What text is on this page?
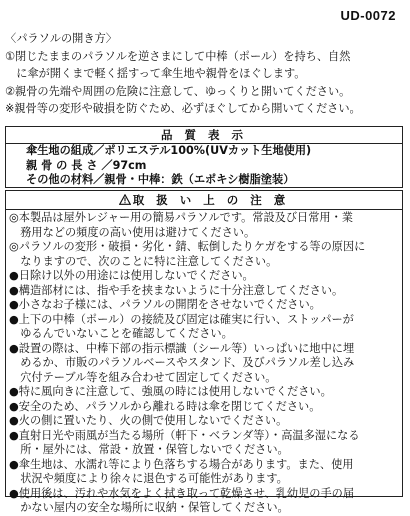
UD-0072
〈パラソルの開き方〉
①閉じたままのパラソルを逆さまにして中棒（ポール）を持ち、自然
　に傘が開くまで軽く揺すって傘生地や親骨をほぐします。
②親骨の先端や周囲の危険に注意して、ゆっくりと開いてください。
※親骨等の変形や破損を防ぐため、必ずほぐしてから開いてください。
品 質 表 示
傘生地の組成／ポリエステル100%(UVカット生地使用)
親 骨 の 長 さ ／97cm
その他の材料／親骨・中棒：鉄（エポキシ樹脂塗装）
取 扱 い 上 の 注 意
◎本製品は屋外レジャー用の簡易パラソルです。常設及び日常用・業
　務用などの頻度の高い使用は避けてください。
◎パラソルの変形・破損・劣化・錆、転倒したりケガをする等の原因に
　なりますので、次のことに特に注意してください。
●日除け以外の用途には使用しないでください。
●構造部材には、指や手を挟まないように十分注意してください。
●小さなお子様には、パラソルの開閉をさせないでください。
●上下の中棒（ポール）の接続及び固定は確実に行い、ストッパーが
　ゆるんでいないことを確認してください。
●設置の際は、中棒下部の指示標識（シール等）いっぱいに地中に埋
　めるか、市販のパラソルベースやスタンド、及びパラソル差し込み
　穴付テーブル等を組み合わせて固定してください。
●特に風向きに注意して、強風の時には使用しないでください。
●安全のため、パラソルから離れる時は傘を閉じてください。
●火の側に置いたり、火の側で使用しないでください。
●直射日光や雨風が当たる場所（軒下・ベランダ等）・高温多湿になる
　所・屋外には、常設・放置・保管しないでください。
●傘生地は、水濡れ等により色落ちする場合があります。また、使用
　状況や頻度により徐々に退色する可能性があります。
●使用後は、汚れや水気をよく拭き取って乾燥させ、乳幼児の手の届
　かない屋内の安全な場所に収納・保管してください。
